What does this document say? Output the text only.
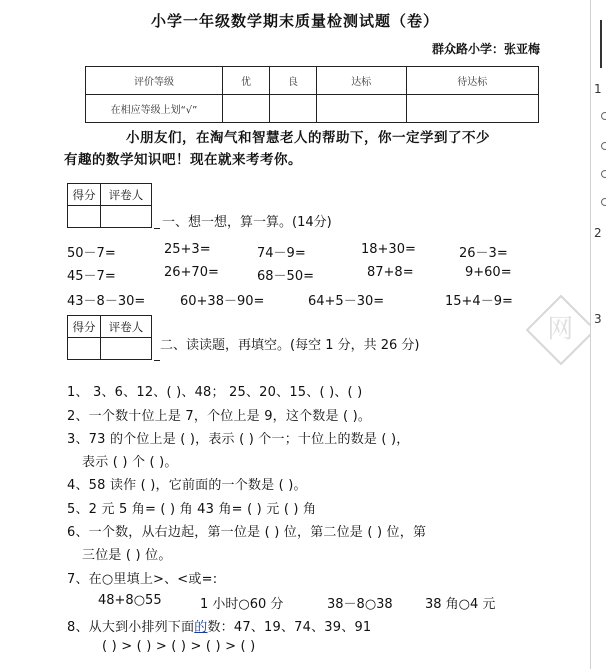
小学一年级数学期末质量检测试题（卷）
群众路小学：张亚梅
评价等级	优	良	达标	待达标
在相应等级上划“√”				
小朋友们，在淘气和智慧老人的帮助下，你一定学到了不少
有趣的数学知识吧！现在就来考考你。
得分	评卷人

一、想一想，算一算。(14分)
50－7=	25+3=	74－9=	18+30=	26－3=
45－7=	26+70=	68－50=	87+8=	9+60=
43－8－30=	60+38－90=	64+5－30=	15+4－9=
得分	评卷人

二、读读题，再填空。(每空 1 分，共 26 分)
1、 3、6、12、( )、48； 25、20、15、( )、( )
2、一个数十位上是 7，个位上是 9，这个数是 ( )。
3、73 的个位上是 ( )，表示 ( ) 个一；十位上的数是 ( )，
表示 ( ) 个 ( )。
4、58 读作 ( )，它前面的一个数是 ( )。
5、2 元 5 角= ( ) 角 43 角= ( ) 元 ( ) 角
6、一个数，从右边起，第一位是 ( ) 位，第二位是 ( ) 位，第
三位是 ( ) 位。
7、在○里填上>、<或=:
48+8○55	1 小时○60 分	38－8○38 38 角○4 元
8、从大到小排列下面的数：47、19、74、39、91
( ) > ( ) > ( ) > ( ) > ( )
网
1
2
3
